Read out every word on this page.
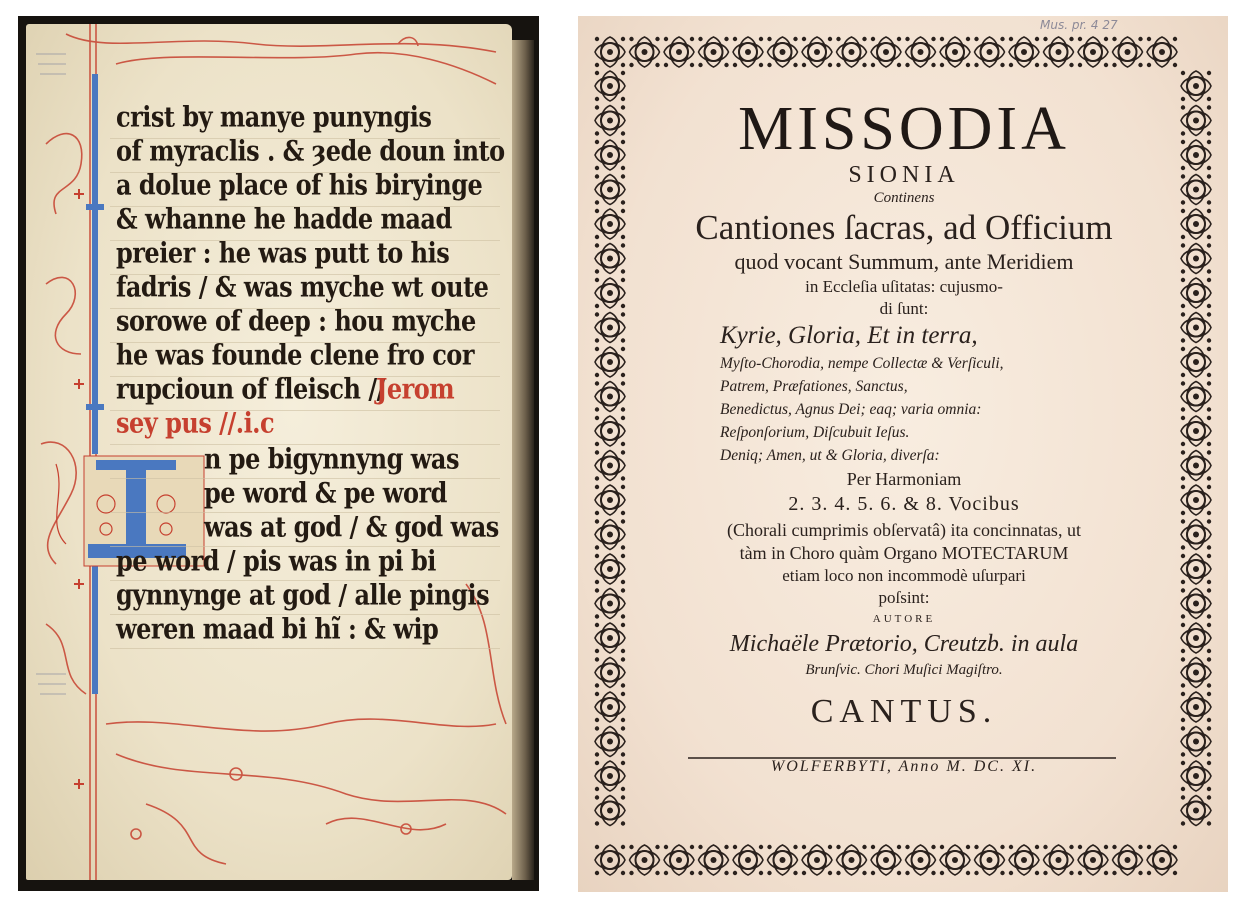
crist by manye punyngis
of myraclis . & ȝede doun into
a dolue place of his biryinge
& whanne he hadde maad
preier : he was putt to his
fadris / & was myche wt oute
sorowe of deep : hou myche
he was founde clene fro cor
rupcioun of fleisch //
Jerom
sey pus //.i.c
n pe bigynnyng was
pe word & pe word
was at god / & god was
pe word / pis was in pi bi
gynnynge at god / alle pingis
weren maad bi hĩ : & wip
Mus. pr. 4 27
MISSODIA
SIONIA
Continens
Cantiones ſacras, ad Officium
quod vocant Summum, ante Meridiem
in Eccleſia uſitatas: cujusmo-
di ſunt:
Kyrie, Gloria, Et in terra,
Myſto-Chorodia, nempe Collectæ & Verſiculi,
Patrem, Præfationes, Sanctus,
Benedictus, Agnus Dei; eaq; varia omnia:
Reſponſorium, Diſcubuit Ieſus.
Deniq; Amen, ut & Gloria, diverſa:
Per Harmoniam
2. 3. 4. 5. 6. & 8. Vocibus
(Chorali cumprimis obſervatâ) ita concinnatas, ut
tàm in Choro quàm Organo MOTECTARUM
etiam loco non incommodè uſurpari
poſsint:
AUTORE
Michaële Prætorio, Creutzb. in aula
Brunſvic. Chori Muſici Magiſtro.
CANTUS.
WOLFERBYTI, Anno M. DC. XI.
